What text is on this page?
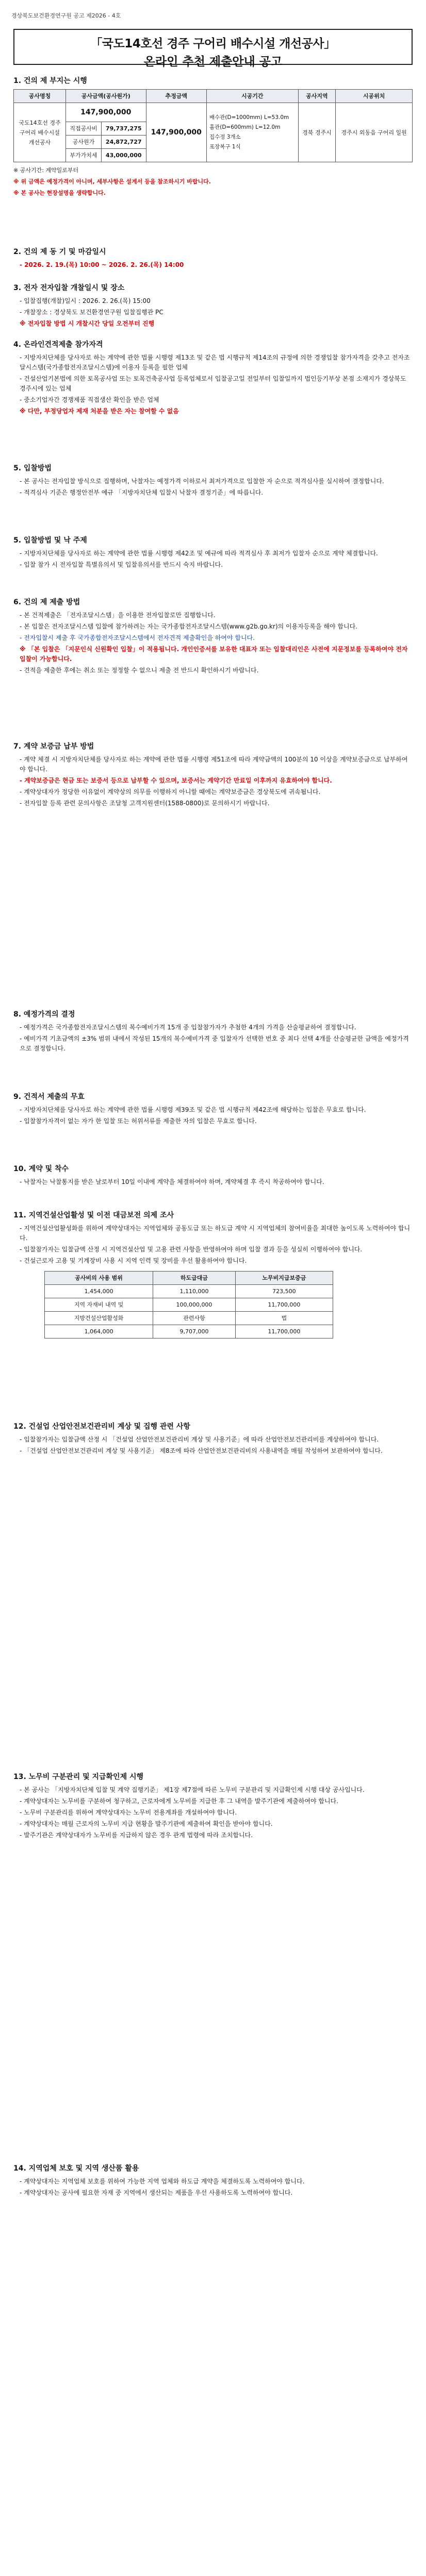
경상북도보건환경연구원 공고 제2026 - 4호
「국도14호선 경주 구어리 배수시설 개선공사」
온라인 추천 제출안내 공고
1. 건의 제 부지는 시행
공사명칭	공사금액(공사원가)		추정금액	시공기간	공사지역	시공위치
국도14호선 경주 구어리 배수시설 개선공사	147,900,000		147,900,000	배수관(D=1000mm) L=53.0m
흄관(D=600mm) L=12.0m
집수정 3개소
포장복구 1식	경북 경주시	경주시 외동읍 구어리 일원
	직접공사비	79,737,275				
	공사원가	24,872,727				
	부가가치세	43,000,000				

※ 공사기간: 계약일로부터

※ 위 금액은 예정가격이 아니며, 세부사항은 설계서 등을 참조하시기 바랍니다.

※ 본 공사는 현장설명을 생략합니다.

2. 건의 제 동 기 및 마감일시

- 2026. 2. 19.(목) 10:00 ~ 2026. 2. 26.(목) 14:00

3. 전자 전자입찰 개찰일시 및 장소

- 입찰집행(개찰)일시 : 2026. 2. 26.(목) 15:00

- 개찰장소 : 경상북도 보건환경연구원 입찰집행관 PC

※ 전자입찰 방법 시 개찰시간 당일 오전부터 진행

4. 온라인견적제출 참가자격

- 지방자치단체를 당사자로 하는 계약에 관한 법률 시행령 제13조 및 같은 법 시행규칙 제14조의 규정에 의한 경쟁입찰 참가자격을 갖추고 전자조달시스템(국가종합전자조달시스템)에 이용자 등록을 필한 업체

- 건설산업기본법에 의한 토목공사업 또는 토목건축공사업 등록업체로서 입찰공고일 전일부터 입찰일까지 법인등기부상 본점 소재지가 경상북도 경주시에 있는 업체

- 중소기업자간 경쟁제품 직접생산 확인을 받은 업체

※ 다만, 부정당업자 제재 처분을 받은 자는 참여할 수 없음

5. 입찰방법

- 본 공사는 전자입찰 방식으로 집행하며, 낙찰자는 예정가격 이하로서 최저가격으로 입찰한 자 순으로 적격심사를 실시하여 결정합니다.

- 적격심사 기준은 행정안전부 예규 「지방자치단체 입찰시 낙찰자 결정기준」에 따릅니다.

5. 입찰방법 및 낙 주제

- 지방자치단체를 당사자로 하는 계약에 관한 법률 시행령 제42조 및 예규에 따라 적격심사 후 최저가 입찰자 순으로 계약 체결합니다.

- 입찰 참가 시 전자입찰 특별유의서 및 입찰유의서를 반드시 숙지 바랍니다.

6. 건의 제 제출 방법

- 본 건적제출은 「전자조달시스템」을 이용한 전자입찰로만 집행합니다.

- 본 입찰은 전자조달시스템 입찰에 참가하려는 자는 국가종합전자조달시스템(www.g2b.go.kr)의 이용자등록을 해야 합니다.

- 전자입찰시 제출 후 국가종합전자조달시스템에서 전자견적 제출확인을 하여야 합니다.

※ 「본 입찰은 「지문인식 신원확인 입찰」이 적용됩니다. 개인인증서를 보유한 대표자 또는 입찰대리인은 사전에 지문정보를 등록하여야 전자입찰이 가능합니다.

- 견적을 제출한 후에는 취소 또는 정정할 수 없으니 제출 전 반드시 확인하시기 바랍니다.

7. 계약 보증금 납부 방법

- 계약 체결 시 지방자치단체를 당사자로 하는 계약에 관한 법률 시행령 제51조에 따라 계약금액의 100분의 10 이상을 계약보증금으로 납부하여야 합니다.

- 계약보증금은 현금 또는 보증서 등으로 납부할 수 있으며, 보증서는 계약기간 만료일 이후까지 유효하여야 합니다.

- 계약상대자가 정당한 이유없이 계약상의 의무를 이행하지 아니할 때에는 계약보증금은 경상북도에 귀속됩니다.

- 전자입찰 등록 관련 문의사항은 조달청 고객지원센터(1588-0800)로 문의하시기 바랍니다.

8. 예정가격의 결정

- 예정가격은 국가종합전자조달시스템의 복수예비가격 15개 중 입찰참가자가 추첨한 4개의 가격을 산술평균하여 결정합니다.

- 예비가격 기초금액의 ±3% 범위 내에서 작성된 15개의 복수예비가격 중 입찰자가 선택한 번호 중 최다 선택 4개를 산술평균한 금액을 예정가격으로 결정합니다.

9. 건적서 제출의 무효

- 지방자치단체를 당사자로 하는 계약에 관한 법률 시행령 제39조 및 같은 법 시행규칙 제42조에 해당하는 입찰은 무효로 합니다.

- 입찰참가자격이 없는 자가 한 입찰 또는 허위서류를 제출한 자의 입찰은 무효로 합니다.

10. 계약 및 착수

- 낙찰자는 낙찰통지를 받은 날로부터 10일 이내에 계약을 체결하여야 하며, 계약체결 후 즉시 착공하여야 합니다.

11. 지역건설산업활성 및 이전 대금보전 의제 조사

- 지역건설산업활성화를 위하여 계약상대자는 지역업체와 공동도급 또는 하도급 계약 시 지역업체의 참여비율을 최대한 높이도록 노력하여야 합니다.

- 입찰참가자는 입찰금액 산정 시 지역건설산업 및 고용 관련 사항을 반영하여야 하며 입찰 결과 등을 성실히 이행하여야 합니다.

- 건설근로자 고용 및 기계장비 사용 시 지역 인력 및 장비를 우선 활용하여야 합니다.

공사비의 사용 범위	하도급대금	노무비지급보증금
1,454,000	1,110,000	723,500
지역 자재비 내역 및	100,000,000	11,700,000
지방건설산업활성화	관련사항	법
1,064,000	9,707,000	11,700,000
12. 건설업 산업안전보건관리비 계상 및 집행 관련 사항

- 입찰참가자는 입찰금액 산정 시 「건설업 산업안전보건관리비 계상 및 사용기준」에 따라 산업안전보건관리비를 계상하여야 합니다.

- 「건설업 산업안전보건관리비 계상 및 사용기준」 제8조에 따라 산업안전보건관리비의 사용내역을 매월 작성하여 보관하여야 합니다.

13. 노무비 구분관리 및 지급확인제 시행

- 본 공사는 「지방자치단체 입찰 및 계약 집행기준」 제1장 제7절에 따른 노무비 구분관리 및 지급확인제 시행 대상 공사입니다.

- 계약상대자는 노무비를 구분하여 청구하고, 근로자에게 노무비를 지급한 후 그 내역을 발주기관에 제출하여야 합니다.

- 노무비 구분관리를 위하여 계약상대자는 노무비 전용계좌를 개설하여야 합니다.

- 계약상대자는 매월 근로자의 노무비 지급 현황을 발주기관에 제출하여 확인을 받아야 합니다.

- 발주기관은 계약상대자가 노무비를 지급하지 않은 경우 관계 법령에 따라 조치합니다.

14. 지역업체 보호 및 지역 생산품 활용

- 계약상대자는 지역업체 보호를 위하여 가능한 지역 업체와 하도급 계약을 체결하도록 노력하여야 합니다.

- 계약상대자는 공사에 필요한 자재 중 지역에서 생산되는 제품을 우선 사용하도록 노력하여야 합니다.
